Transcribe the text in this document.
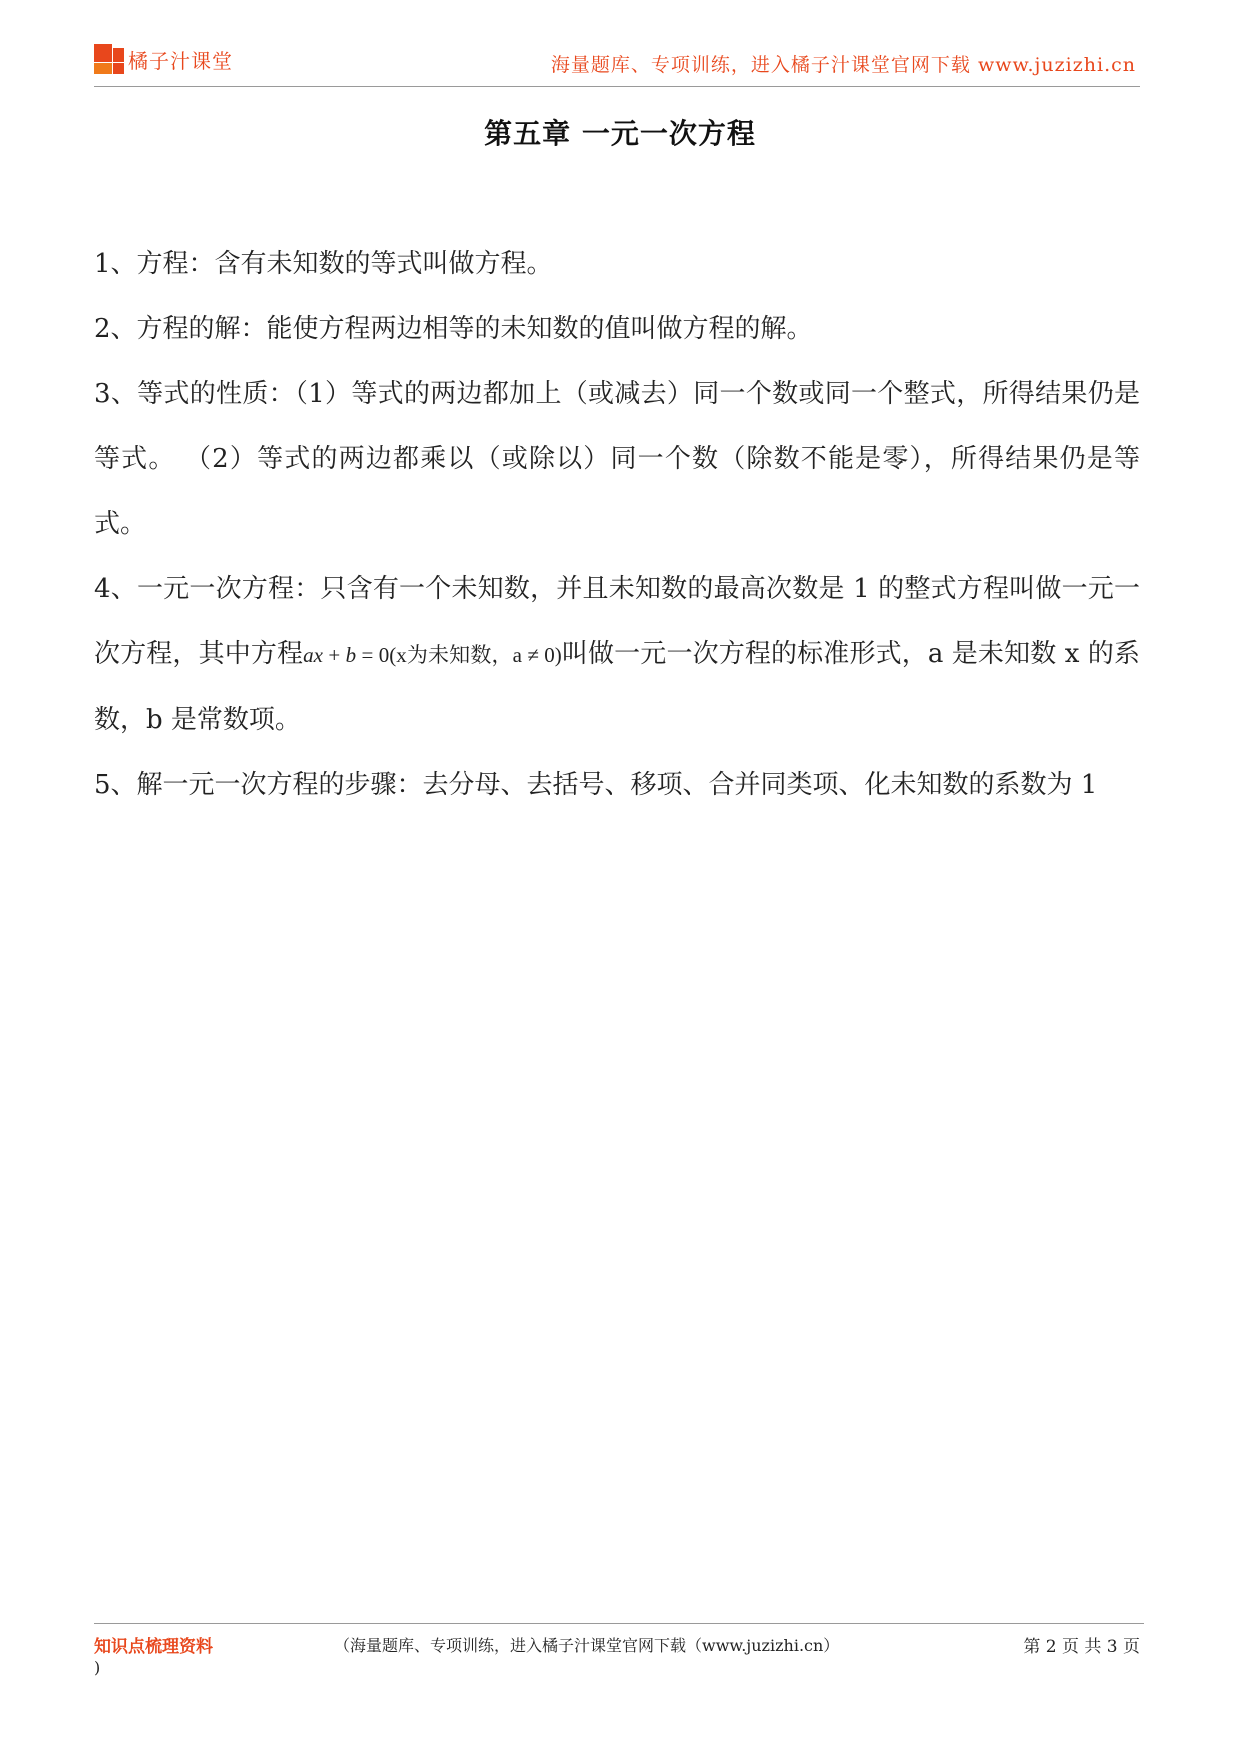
橘子汁课堂	海量题库、专项训练，进入橘子汁课堂官网下载 www.juzizhi.cn
第五章 一元一次方程

1、方程：含有未知数的等式叫做方程。

2、方程的解：能使方程两边相等的未知数的值叫做方程的解。

3、等式的性质：（1）等式的两边都加上（或减去）同一个数或同一个整式，所得结果仍是等式。 （2）等式的两边都乘以（或除以）同一个数（除数不能是零），所得结果仍是等式。

4、一元一次方程：只含有一个未知数，并且未知数的最高次数是 1 的整式方程叫做一元一次方程，其中方程ax + b = 0(x为未知数，a ≠ 0)叫做一元一次方程的标准形式，a 是未知数 x 的系数，b 是常数项。

5、解一元一次方程的步骤：去分母、去括号、移项、合并同类项、化未知数的系数为 1

知识点梳理资料	（海量题库、专项训练，进入橘子汁课堂官网下载（www.juzizhi.cn）	第 2 页 共 3 页
)
